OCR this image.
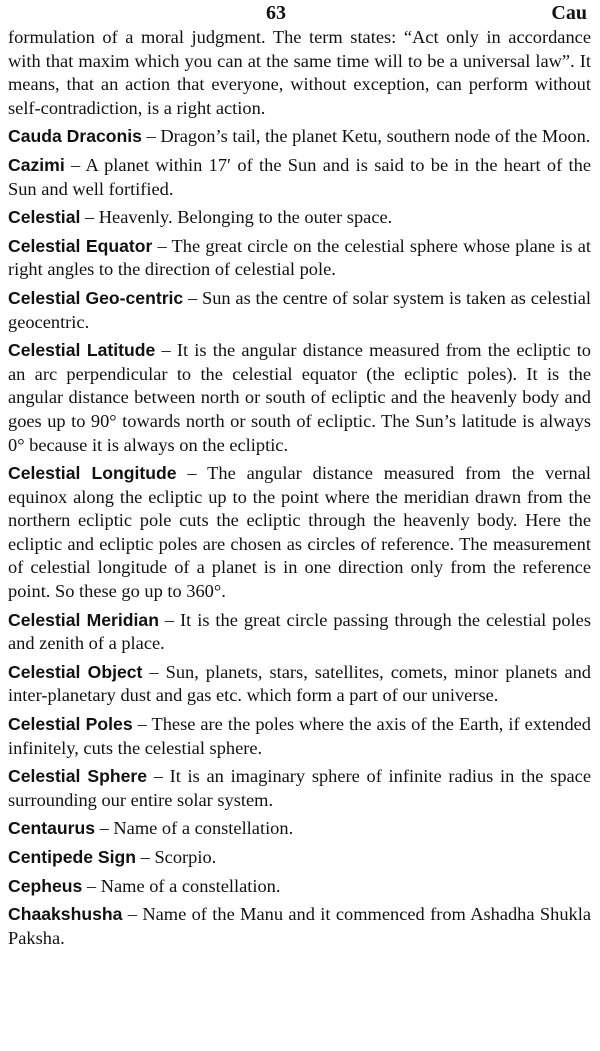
63	Cau

formulation of a moral judgment. The term states: “Act only in accordance with that maxim which you can at the same time will to be a universal law”. It means, that an action that everyone, without exception, can perform without self-contradiction, is a right action.

Cauda Draconis – Dragon’s tail, the planet Ketu, southern node of the Moon.

Cazimi – A planet within 17′ of the Sun and is said to be in the heart of the Sun and well fortified.

Celestial – Heavenly. Belonging to the outer space.

Celestial Equator – The great circle on the celestial sphere whose plane is at right angles to the direction of celestial pole.

Celestial Geo-centric – Sun as the centre of solar system is taken as celestial geocentric.

Celestial Latitude – It is the angular distance measured from the ecliptic to an arc perpendicular to the celestial equator (the ecliptic poles). It is the angular distance between north or south of ecliptic and the heavenly body and goes up to 90° towards north or south of ecliptic. The Sun’s latitude is always 0° because it is always on the ecliptic.

Celestial Longitude – The angular distance measured from the vernal equinox along the ecliptic up to the point where the meridian drawn from the northern ecliptic pole cuts the ecliptic through the heavenly body. Here the ecliptic and ecliptic poles are chosen as circles of reference. The measurement of celestial longitude of a planet is in one direction only from the reference point. So these go up to 360°.

Celestial Meridian – It is the great circle passing through the celestial poles and zenith of a place.

Celestial Object – Sun, planets, stars, satellites, comets, minor planets and inter-planetary dust and gas etc. which form a part of our universe.

Celestial Poles – These are the poles where the axis of the Earth, if extended infinitely, cuts the celestial sphere.

Celestial Sphere – It is an imaginary sphere of infinite radius in the space surrounding our entire solar system.

Centaurus – Name of a constellation.

Centipede Sign – Scorpio.

Cepheus – Name of a constellation.

Chaakshusha – Name of the Manu and it commenced from Ashadha Shukla Paksha.
